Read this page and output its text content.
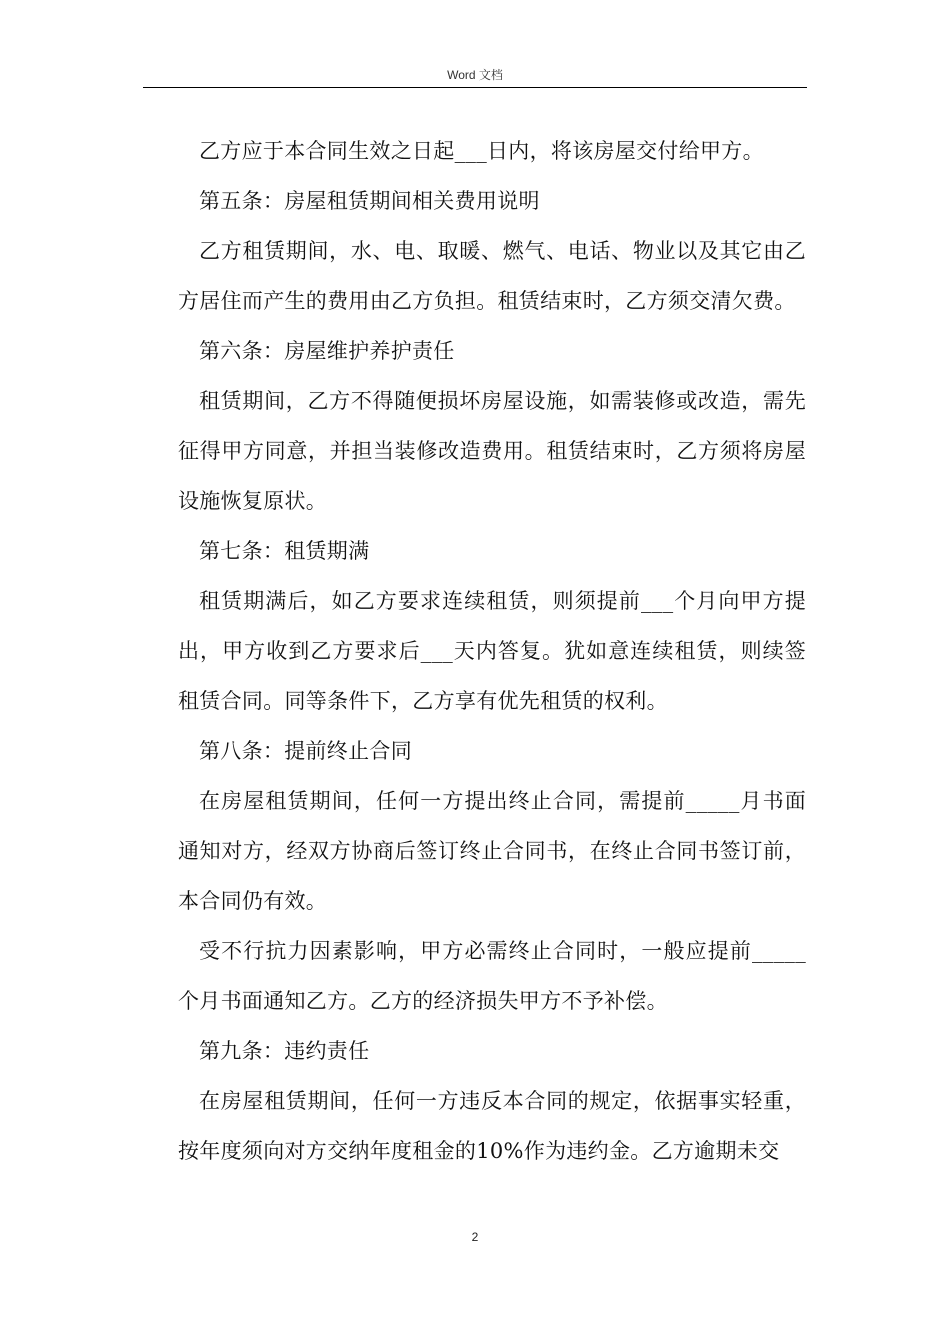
Word 文档

乙方应于本合同生效之日起___日内，将该房屋交付给甲方。

第五条：房屋租赁期间相关费用说明

乙方租赁期间，水、电、取暖、燃气、电话、物业以及其它由乙方居住而产生的费用由乙方负担。租赁结束时，乙方须交清欠费。

第六条：房屋维护养护责任

租赁期间，乙方不得随便损坏房屋设施，如需装修或改造，需先征得甲方同意，并担当装修改造费用。租赁结束时，乙方须将房屋设施恢复原状。

第七条：租赁期满

租赁期满后，如乙方要求连续租赁，则须提前___个月向甲方提出，甲方收到乙方要求后___天内答复。犹如意连续租赁，则续签租赁合同。同等条件下，乙方享有优先租赁的权利。

第八条：提前终止合同

在房屋租赁期间，任何一方提出终止合同，需提前_____月书面通知对方，经双方协商后签订终止合同书，在终止合同书签订前，本合同仍有效。

受不行抗力因素影响，甲方必需终止合同时，一般应提前_____个月书面通知乙方。乙方的经济损失甲方不予补偿。

第九条：违约责任

在房屋租赁期间，任何一方违反本合同的规定，依据事实轻重，按年度须向对方交纳年度租金的10%作为违约金。乙方逾期未交

2
